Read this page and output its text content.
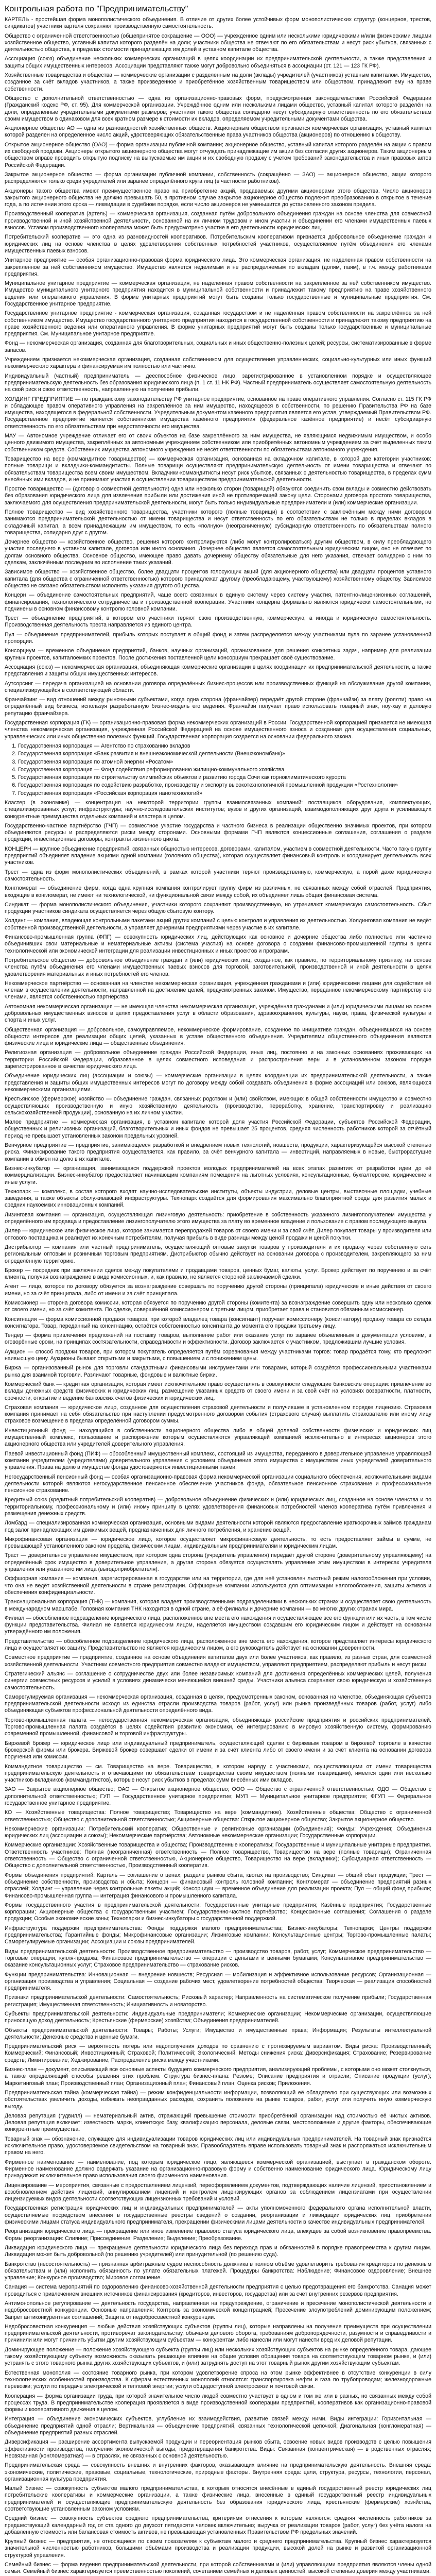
Контрольная работа по "Предпринимательству"

КАРТЕЛЬ - простейшая форма монополистического объединения. В отличие от других более устойчивых форм монополистических структур (концернов, трестов, синдикатов) участники картеля сохраняют производственную самостоятельность.

Общество с ограниченной ответственностью (общепринятое сокращение — ООО) — учрежденное одним или несколькими юридическими и/или физическими лицами хозяйственное общество, уставный капитал которого разделён на доли; участники общества не отвечают по его обязательствам и несут риск убытков, связанных с деятельностью общества, в пределах стоимости принадлежащих им долей в уставном капитале общества.

Ассоциация (союз) объединение нескольких коммерческих организаций в целях координации их предпринимательской деятельности, а также представления и защиты общих имущественных интересов. Ассоциации представляют также могут добровольно объединяться в ассоциации (ст. 121 — 123 ГК РФ).

Хозяйственные товарищества и общества — коммерческие организации с разделенным на доли (вклады) учредителей (участников) уставным капиталом. Имущество, созданное за счёт вкладов участников, а также произведенное и приобретённое хозяйственным товариществом или обществом, принадлежит ему на праве собственности.

Общество с дополнительной ответственностью — одна из организационно-правовых форм, предусмотренная законодательством Российской Федерации (Гражданский кодекс РФ, ст. 95). Для коммерческой организации. Учреждённое одним или несколькими лицами общество, уставный капитал которого разделён на доли, определённые учредительными документами размеров; участники такого общества солидарно несут субсидиарную ответственность по его обязательствам своим имуществом в одинаковом для всех кратном размере к стоимости их вкладов, определяемом учредительными документами общества.

Акционерное общество АО — одна из разновидностей хозяйственных обществ. Акционерным обществом признается коммерческая организация, уставный капитал которой разделен на определенное число акций, удостоверяющих обязательственные права участников общества (акционеров) по отношению к обществу.

Открытое акционерное общество (ОАО) — форма организации публичной компании; акционерное общество, уставный капитал которого разделён на акции с правом их свободной продажи. Акционеры открытого акционерного общества могут отчуждать принадлежащие им акции без согласия других акционеров. Таким акционерным обществом вправе проводить открытую подписку на выпускаемые им акции и их свободную продажу с учетом требований законодательства и иных правовых актов Российской Федерации.

Закрытое акционерное общество — форма организации публичной компании, собственность (сокращённо — ЗАО) — акционерное общество, акции которого распределяются только среди учредителей или заранее определённого круга лиц (в частности работников).

Акционеры такого общества имеют преимущественное право на приобретение акций, продаваемых другими акционерами этого общества. Число акционеров закрытого акционерного общества не должно превышать 50, в противном случае закрытое акционерное общество подлежит преобразованию в открытое в течение года, а по истечении этого срока — ликвидации в судебном порядке, если число акционеров не уменьшится до установленного законом предела.

Производственный кооператив (артель) — коммерческая организация, созданная путём добровольного объединения граждан на основе членства для совместной производственной и иной хозяйственной деятельности, основанной на их личном трудовом и ином участии и объединении его членами имущественных паевых взносов. Уставом производственного кооператива может быть предусмотрено участие в его деятельности юридических лиц.

Потребительский кооператив — это одна из разновидностей кооперативов. Потребительским кооперативом признается добровольное объединение граждан и юридических лиц на основе членства в целях удовлетворения собственных потребностей участников, осуществляемое путём объединения его членами имущественных паевых взносов.

Унитарное предприятие — особая организационно-правовая форма юридического лица. Это коммерческая организация, не наделенная правом собственности на закрепленное за ней собственником имущество. Имущество является неделимым и не распределяемым по вкладам (долям, паям), в т.ч. между работниками предприятия.

Муниципальное унитарное предприятие — коммерческая организация, не наделенная правом собственности на закрепленное за ней собственником имущество. Имущество муниципального унитарного предприятия находится в муниципальной собственности и принадлежит такому предприятию на праве хозяйственного ведения или оперативного управления. В форме унитарных предприятий могут быть созданы только государственные и муниципальные предприятия. См. Государственное унитарное предприятие.

Государственное унитарное предприятие - коммерческая организация, созданная государством и не наделённая правом собственности на закреплённое за ней собственником имущество. Имущество государственного унитарного предприятия находится в государственной собственности и принадлежит такому предприятию на праве хозяйственного ведения или оперативного управления. В форме унитарных предприятий могут быть созданы только государственные и муниципальные предприятия. См. Муниципальное унитарное предприятие.

Фонд — некоммерческая организация, созданная для благотворительных, социальных и иных общественно-полезных целей; ресурсы, систематизированные в форме запасов.

Учреждением признается некоммерческая организация, созданная собственником для осуществления управленческих, социально-культурных или иных функций некоммерческого характера и финансируемая им полностью или частично.

Индивидуальный (частный) предприниматель — дееспособное физическое лицо, зарегистрированное в установленном порядке и осуществляющее предпринимательскую деятельность без образования юридического лица (п. 1 ст. 11 НК РФ). Частный предприниматель осуществляет самостоятельную деятельность на свой риск и свою ответственность, направленную на получение прибыли.

ХОЛДИНГ ПРЕДПРИЯТИЕ — по гражданскому законодательству РФ унитарное предприятие, основанное на праве оперативного управления. Согласно ст. 115 ГК РФ и обладающее правом оперативного управления на закреплённое за ним имущество, находящееся в собственности, по решению Правительства РФ на базе имущества, находящегося в федеральной собственности. Учредительным документом казённого предприятия является его устав, утверждаемый Правительством РФ. Государственное предприятие является собственником имущества казённого предприятия (федеральное казённое предприятие) и несёт субсидиарную ответственность по его обязательствам при недостаточности его имущества.

МАУ — Автономное учреждение отличает его от своих объектов на базе закреплённого за ним имущества, не являющимся недвижимым имуществом, и особо ценного движимого имущества, закреплённых за автономным учреждением собственником или приобретённых автономным учреждением за счёт выделенных таким собственником средств. Собственник имущества автономного учреждения не несёт ответственности по обязательствам автономного учреждения.

Товарищество на вере (коммандитное товарищество) — коммерческая организация, основанная на складочном капитале, в которой две категории участников: полные товарищи и вкладчики-коммандитисты. Полные товарищи осуществляют предпринимательскую деятельность от имени товарищества и отвечают по обязательствам товарищества всем своим имуществом. Вкладчики-коммандитисты несут риск убытков, связанных с деятельностью товарищества, в пределах сумм внесённых ими вкладов, и не принимают участия в осуществлении товариществом предпринимательской деятельности.

Простое товарищество — (договор о совместной деятельности) одна или несколько сторон (товарищей) обязуются соединить свои вклады и совместно действовать без образования юридического лица для извлечения прибыли или достижения иной не противоречащей закону цели. Сторонами договора простого товарищества, заключаемого для осуществления предпринимательской деятельности, могут быть только индивидуальные предприниматели и (или) коммерческие организации.

Полное товарищество — вид хозяйственного товарищества, участники которого (полные товарищи) в соответствии с заключённым между ними договором занимаются предпринимательской деятельностью от имени товарищества и несут ответственность по его обязательствам не только в пределах вкладов в складочный капитал, а всем принадлежащим им имуществом, то есть «полную» (неограниченную) субсидиарную ответственность по обязательствам полного товарищества, солидарно друг с другом.

Дочернее общество — хозяйственное общество, решения которого контролируются (либо могут контролироваться) другим обществом, в силу преобладающего участия последнего в уставном капитале, договора или иного основания. Дочернее общество является самостоятельным юридическим лицом, оно не отвечает по долгам основного общества. Основное общество, имеющее право давать дочернему обществу обязательные для него указания, отвечает солидарно с ним по сделкам, заключённым последним во исполнение таких указаний.

Зависимое общество — хозяйственное общество, более двадцати процентов голосующих акций (для акционерного общества) или двадцати процентов уставного капитала (для общества с ограниченной ответственностью) которого принадлежат другому (преобладающему, участвующему) хозяйственному обществу. Зависимое общество не связано обязательством исполнять указания другого общества.

Концерн — объединение самостоятельных предприятий, чаще всего связанных в единую систему через систему участия, патентно-лицензионных соглашений, финансирования, технологического сотрудничества и производственной кооперации. Участники концерна формально являются юридически самостоятельными, но подчинены в основном финансовому контролю головной компании.

Трест — объединение предприятий, в котором его участники теряют свою производственную, коммерческую, а иногда и юридическую самостоятельность. Производственная деятельность треста направляется из единого центра.

Пул — объединение предпринимателей, прибыль которых поступает в общий фонд и затем распределяется между участниками пула по заранее установленной пропорции.

Консорциум — временное объединение предприятий, банков, научных организаций, организованное для решения конкретных задач, например для реализации крупных проектов, капиталоёмких проектов. После достижения поставленной цели консорциум прекращает своё существование.

Ассоциация (союз) — некоммерческая организация, объединяющая коммерческие организации в целях координации их предпринимательской деятельности, а также представления и защиты общих имущественных интересов.

Аутсорсинг — передача организацией на основании договора определённых бизнес-процессов или производственных функций на обслуживание другой компании, специализирующейся в соответствующей области.

Франчайзинг — вид отношений между рыночными субъектами, когда одна сторона (франчайзер) передаёт другой стороне (франчайзи) за плату (роялти) право на определённый вид бизнеса, используя разработанную бизнес-модель его ведения. Франчайзи получает право использовать товарный знак, ноу-хау и деловую репутацию франчайзера.

Государственная корпорация (ГК) — организационно-правовая форма некоммерческих организаций в России. Государственной корпорацией признается не имеющая членства некоммерческая организация, учрежденная Российской Федерацией на основе имущественного взноса и созданная для осуществления социальных, управленческих или иных общественно полезных функций. Государственная корпорация создается на основании федерального закона.

1. Государственная корпорация — Агентство по страхованию вкладов
2. Государственная корпорация «Банк развития и внешнеэкономической деятельности (Внешэкономбанк)»
3. Государственная корпорация по атомной энергии «Росатом»
4. Государственная корпорация — Фонд содействия реформированию жилищно-коммунального хозяйства
5. Государственная корпорация по строительству олимпийских объектов и развитию города Сочи как горноклиматического курорта
6. Государственная корпорация по содействию разработке, производству и экспорту высокотехнологичной промышленной продукции «Ростехнологии»
7. Государственная корпорация «Российская корпорация нанотехнологий»

Кластер (в экономике) — концентрация на некоторой территории группы взаимосвязанных компаний: поставщиков оборудования, комплектующих, специализированных услуг; инфраструктуры; научно-исследовательских институтов; вузов и других организаций, взаимодополняющих друг друга и усиливающих конкурентные преимущества отдельных компаний и кластера в целом.

Государственно-частное партнёрство (ГЧП) — совместное участие государства и частного бизнеса в реализации общественно значимых проектов, при котором объединяются ресурсы и распределяются риски между сторонами. Основными формами ГЧП являются концессионные соглашения, соглашения о разделе продукции, инвестиционные договоры, контракты жизненного цикла.

КОНЦЕРН — крупное объединение предприятий, связанных общностью интересов, договорами, капиталом, участием в совместной деятельности. Часто такую группу предприятий объединяет владение акциями одной компании (головного общества), которая осуществляет финансовый контроль и координирует деятельность всех участников.

Трест — одна из форм монополистических объединений, в рамках которой участники теряют производственную, коммерческую, а порой даже юридическую самостоятельность.

Конгломерат — объединение фирм, когда одна крупная компания контролирует группу фирм из различных, не связанных между собой отраслей. Предприятия, входящие в конгломерат, не имеют ни технологической, ни функциональной связи между собой, их объединяет лишь общая финансовая система.

Синдикат — форма монополистического объединения, участники которого сохраняют производственную, но утрачивают коммерческую самостоятельность. Сбыт продукции участников синдиката осуществляется через общую сбытовую контору.

Холдинг — компания, владеющая контрольными пакетами акций других компаний с целью контроля и управления их деятельностью. Холдинговая компания не ведёт собственной производственной деятельности, а управляет дочерними предприятиями через участие в их капитале.

Финансово-промышленная группа (ФПГ) — совокупность юридических лиц, действующих как основное и дочерние общества либо полностью или частично объединивших свои материальные и нематериальные активы (система участия) на основе договора о создании финансово-промышленной группы в целях технологической или экономической интеграции для реализации инвестиционных и иных проектов и программ.

Потребительское общество — добровольное объединение граждан и (или) юридических лиц, созданное, как правило, по территориальному признаку, на основе членства путём объединения его членами имущественных паевых взносов для торговой, заготовительной, производственной и иной деятельности в целях удовлетворения материальных и иных потребностей его членов.

Некоммерческое партнёрство — основанная на членстве некоммерческая организация, учреждённая гражданами и (или) юридическими лицами для содействия её членам в осуществлении деятельности, направленной на достижение целей, предусмотренных законом. Имущество, переданное некоммерческому партнёрству его членами, является собственностью партнёрства.

Автономная некоммерческая организация — не имеющая членства некоммерческая организация, учреждённая гражданами и (или) юридическими лицами на основе добровольных имущественных взносов в целях предоставления услуг в области образования, здравоохранения, культуры, науки, права, физической культуры и спорта и иных услуг.

Общественная организация — добровольное, самоуправляемое, некоммерческое формирование, созданное по инициативе граждан, объединившихся на основе общности интересов для реализации общих целей, указанных в уставе общественного объединения. Учредителями общественного объединения являются физические лица и юридические лица — общественные объединения.

Религиозная организация — добровольное объединение граждан Российской Федерации, иных лиц, постоянно и на законных основаниях проживающих на территории Российской Федерации, образованное в целях совместного исповедания и распространения веры и в установленном законом порядке зарегистрированное в качестве юридического лица.

Объединение юридических лиц (ассоциации и союзы) — коммерческие организации в целях координации их предпринимательской деятельности, а также представления и защиты общих имущественных интересов могут по договору между собой создавать объединения в форме ассоциаций или союзов, являющихся некоммерческими организациями.

Крестьянское (фермерское) хозяйство — объединение граждан, связанных родством и (или) свойством, имеющих в общей собственности имущество и совместно осуществляющих производственную и иную хозяйственную деятельность (производство, переработку, хранение, транспортировку и реализацию сельскохозяйственной продукции), основанную на их личном участии.

Малое предприятие — коммерческая организация, в уставном капитале которой доля участия Российской Федерации, субъектов Российской Федерации, общественных и религиозных организаций, благотворительных и иных фондов не превышает 25 процентов, средняя численность работников которой за отчётный период не превышает установленных законом предельных уровней.

Венчурное предприятие — предприятие, занимающееся разработкой и внедрением новых технологий, новшеств, продукции, характеризующейся высокой степенью риска. Финансирование такого предприятия осуществляется, как правило, за счёт венчурного капитала — инвестиций, направляемых в новые, быстрорастущие компании в обмен на долю в их капитале.

Бизнес-инкубатор — организация, занимающаяся поддержкой проектов молодых предпринимателей на всех этапах развития: от разработки идеи до её коммерциализации. Бизнес-инкубатор предоставляет начинающим компаниям помещения на льготных условиях, консультационные, бухгалтерские, юридические и иные услуги.

Технопарк — комплекс, в состав которого входят научно-исследовательские институты, объекты индустрии, деловые центры, выставочные площадки, учебные заведения, а также объекты обслуживающей инфраструктуры. Технопарк создаётся для формирования максимально благоприятной среды для развития малых и средних наукоёмких инновационных компаний.

Лизинговая компания — организация, осуществляющая лизинговую деятельность: приобретение в собственность указанного лизингополучателем имущества у определённого им продавца и предоставление лизингополучателю этого имущества за плату во временное владение и пользование с правом последующего выкупа.

Дилер — юридическое или физическое лицо, которое занимается перепродажей товаров от своего имени и за свой счёт. Дилер покупает товары у производителя или оптового поставщика и реализует их конечным потребителям, получая прибыль в виде разницы между ценой продажи и ценой покупки.

Дистрибьютор — компания или частный предприниматель, осуществляющий оптовые закупки товаров у производителя и их продажу через собственную сеть региональным оптовым и розничным торговым предприятиям. Дистрибьютор обычно действует на основании договора с производителем, закрепляющего за ним определённую территорию.

Брокер — посредник при заключении сделок между покупателями и продавцами товаров, ценных бумаг, валюты, услуг. Брокер действует по поручению и за счёт клиента, получая вознаграждение в виде комиссионных, и, как правило, не является стороной заключаемой сделки.

Агент — лицо, которое по договору обязуется за вознаграждение совершать по поручению другой стороны (принципала) юридические и иные действия от своего имени, но за счёт принципала, либо от имени и за счёт принципала.

Комиссионер — сторона договора комиссии, которая обязуется по поручению другой стороны (комитента) за вознаграждение совершить одну или несколько сделок от своего имени, но за счёт комитента. По сделке, совершённой комиссионером с третьим лицом, приобретает права и становится обязанным комиссионер.

Консигнация — форма комиссионной продажи товаров, при которой владелец товара (консигнант) поручает комиссионеру (консигнатору) продажу товара со склада консигнатора. Товар, переданный на консигнацию, остаётся собственностью консигнанта до момента его продажи третьему лицу.

Тендер — форма привлечения предложений на поставку товаров, выполнение работ или оказание услуг по заранее объявленным в документации условиям, в оговорённые сроки, на принципах состязательности, справедливости и эффективности. Договор заключается с участником, предложившим лучшие условия.

Аукцион — способ продажи товаров, при котором покупатель определяется путём соревнования между участниками торгов: товар продаётся тому, кто предложит наивысшую цену. Аукционы бывают открытыми и закрытыми, с повышением и с понижением цены.

Биржа — организованный рынок для торговли стандартными финансовыми инструментами или товарами, который создаётся профессиональными участниками рынка для взаимной торговли. Различают товарные, фондовые и валютные биржи.

Коммерческий банк — кредитная организация, которая имеет исключительное право осуществлять в совокупности следующие банковские операции: привлечение во вклады денежных средств физических и юридических лиц, размещение указанных средств от своего имени и за свой счёт на условиях возвратности, платности, срочности, открытие и ведение банковских счетов физических и юридических лиц.

Страховая компания — юридическое лицо, созданное для осуществления страховой деятельности и получившее в установленном порядке лицензию. Страховая компания принимает на себя обязательство при наступлении предусмотренного договором события (страхового случая) выплатить страхователю или иному лицу страховое возмещение в пределах определённой договором суммы.

Инвестиционный фонд — находящийся в собственности акционерного общества либо в общей долевой собственности физических и юридических лиц имущественный комплекс, пользование и распоряжение которым осуществляются управляющей компанией исключительно в интересах акционеров этого акционерного общества или учредителей доверительного управления.

Паевой инвестиционный фонд (ПИФ) — обособленный имущественный комплекс, состоящий из имущества, переданного в доверительное управление управляющей компании учредителем (учредителями) доверительного управления с условием объединения этого имущества с имуществом иных учредителей доверительного управления. Права на долю в имуществе фонда удостоверяются инвестиционными паями.

Негосударственный пенсионный фонд — особая организационно-правовая форма некоммерческой организации социального обеспечения, исключительными видами деятельности которой являются негосударственное пенсионное обеспечение участников фонда, обязательное пенсионное страхование и профессиональное пенсионное страхование.

Кредитный союз (кредитный потребительский кооператив) — добровольное объединение физических и (или) юридических лиц, созданное на основе членства и по территориальному, профессиональному и (или) иному принципу в целях удовлетворения финансовых потребностей членов кооператива путём привлечения и размещения денежных средств.

Ломбард — специализированная коммерческая организация, основными видами деятельности которой являются предоставление краткосрочных займов гражданам под залог принадлежащих им движимых вещей, предназначенных для личного потребления, и хранение вещей.

Микрофинансовая организация — юридическое лицо, которое осуществляет микрофинансовую деятельность, то есть предоставляет займы в сумме, не превышающей установленного законом предела, физическим лицам, индивидуальным предпринимателям и юридическим лицам.

Траст — доверительное управление имуществом, при котором одна сторона (учредитель управления) передаёт другой стороне (доверительному управляющему) на определённый срок имущество в доверительное управление, а другая сторона обязуется осуществлять управление этим имуществом в интересах учредителя управления или указанного им лица (выгодоприобретателя).

Оффшорная компания — компания, зарегистрированная в государстве или на территории, где для неё установлен льготный режим налогообложения при условии, что она не ведёт хозяйственной деятельности в стране регистрации. Оффшорные компании используются для оптимизации налогообложения, защиты активов и обеспечения конфиденциальности.

Транснациональная корпорация (ТНК) — компания, которая владеет производственными подразделениями в нескольких странах и осуществляет свою деятельность в международном масштабе. Головная компания ТНК находится в одной стране, а её филиалы и дочерние компании — во многих других странах мира.

Филиал — обособленное подразделение юридического лица, расположенное вне места его нахождения и осуществляющее все его функции или их часть, в том числе функции представительства. Филиал не является юридическим лицом, наделяется имуществом создавшим его юридическим лицом и действует на основании утверждённого им положения.

Представительство — обособленное подразделение юридического лица, расположенное вне места его нахождения, которое представляет интересы юридического лица и осуществляет их защиту. Представительство не является юридическим лицом, а его руководитель действует на основании доверенности.

Совместное предприятие — предприятие, созданное на основе объединения капиталов двух или более участников, как правило, из разных стран, для совместной хозяйственной деятельности. Участники совместного предприятия совместно владеют имуществом, управляют предприятием, распределяют прибыль и несут риски.

Стратегический альянс — соглашение о сотрудничестве двух или более независимых компаний для достижения определённых коммерческих целей, получения синергии совместных ресурсов и усилий в условиях динамически меняющейся внешней среды. Участники альянса сохраняют свою юридическую и хозяйственную самостоятельность.

Саморегулируемая организация — некоммерческая организация, созданная в целях, предусмотренных законом, основанная на членстве, объединяющая субъектов предпринимательской деятельности исходя из единства отрасли производства товаров (работ, услуг) или рынка произведённых товаров (работ, услуг) либо объединяющая субъектов профессиональной деятельности определённого вида.

Торгово-промышленная палата — негосударственная некоммерческая организация, объединяющая российские предприятия и российских предпринимателей. Торгово-промышленная палата создаётся в целях содействия развитию экономики, её интегрированию в мировую хозяйственную систему, формированию современной промышленной, финансовой и торговой инфраструктуры.

Биржевой брокер — юридическое лицо или индивидуальный предприниматель, осуществляющий сделки с биржевым товаром в биржевой торговле в качестве брокерской фирмы или брокера. Биржевой брокер совершает сделки от имени и за счёт клиента либо от своего имени и за счёт клиента на основании договора поручения или комиссии.

Коммандитное товарищество — см. Товарищество на вере. Товарищество, в котором наряду с участниками, осуществляющими от имени товарищества предпринимательскую деятельность и отвечающими по обязательствам товарищества своим имуществом (полными товарищами), имеется один или несколько участников-вкладчиков (коммандитистов), которые несут риск убытков в пределах сумм внесённых ими вкладов.

ЗАО — Закрытое акционерное общество; ОАО — Открытое акционерное общество; ООО — Общество с ограниченной ответственностью; ОДО — Общество с дополнительной ответственностью; ГУП — Государственное унитарное предприятие; МУП — Муниципальное унитарное предприятие; ФГУП — Федеральное государственное унитарное предприятие.

КО — Хозяйственные товарищества: Полное товарищество; Товарищество на вере (коммандитное). Хозяйственные общества: Общество с ограниченной ответственностью; Общество с дополнительной ответственностью; Акционерные общества: Открытое акционерное общество; Закрытое акционерное общество.

Некоммерческие организации: Потребительский кооператив; Общественные и религиозные организации (объединения); Фонды; Учреждения; Объединения юридических лиц (ассоциации и союзы); Некоммерческие партнёрства; Автономные некоммерческие организации; Государственные корпорации.

Коммерческие организации: Хозяйственные товарищества и общества; Производственные кооперативы; Государственные и муниципальные унитарные предприятия. Ответственность участников: Полная (неограниченная) ответственность — Полное товарищество, Товарищество на вере (полные товарищи); Ограниченная ответственность — Общество с ограниченной ответственностью, Акционерное общество, Товарищество на вере (вкладчики); Субсидиарная ответственность — Общество с дополнительной ответственностью, Производственный кооператив.

Формы объединения предприятий: Картель — соглашение о ценах, разделе рынков сбыта, квотах на производство; Синдикат — общий сбыт продукции; Трест — объединение собственности, производства и сбыта; Концерн — финансовый контроль головной компании; Конгломерат — объединение предприятий разных отраслей; Холдинг — управление через контрольные пакеты акций; Консорциум — временное объединение для реализации проекта; Пул — общий фонд прибыли; Финансово-промышленная группа — интеграция финансового и промышленного капитала.

Формы государственного участия в предпринимательской деятельности: Государственные унитарные предприятия; Казённые предприятия; Государственные корпорации; Акционерные общества с государственным участием; Государственно-частное партнёрство; Концессионные соглашения; Соглашения о разделе продукции; Особые экономические зоны; Технопарки и бизнес-инкубаторы с государственной поддержкой.

Инфраструктура поддержки предпринимательства: Фонды поддержки малого предпринимательства; Бизнес-инкубаторы; Технопарки; Центры поддержки предпринимательства; Гарантийные фонды; Микрофинансовые организации; Лизинговые компании; Консультационные центры; Торгово-промышленные палаты; Саморегулируемые организации; Ассоциации и союзы предпринимателей.

Виды предпринимательской деятельности: Производственное предпринимательство — производство товаров, работ, услуг; Коммерческое предпринимательство — торговые операции, купля-продажа; Финансовое предпринимательство — операции с деньгами и ценными бумагами; Консультативное предпринимательство — оказание консультационных услуг; Страховое предпринимательство — страхование рисков.

Функции предпринимательства: Инновационная — внедрение новшеств; Ресурсная — мобилизация и эффективное использование ресурсов; Организационная — организация производства и управления; Социальная — создание рабочих мест, удовлетворение потребностей общества; Творческая — реализация способностей предпринимателя.

Признаки предпринимательской деятельности: Самостоятельность; Рисковый характер; Направленность на систематическое получение прибыли; Государственная регистрация; Имущественная ответственность; Инициативность и новаторство.

Субъекты предпринимательской деятельности: Индивидуальные предприниматели; Коммерческие организации; Некоммерческие организации, осуществляющие приносящую доход деятельность; Крестьянские (фермерские) хозяйства; Объединения предпринимателей.

Объекты предпринимательской деятельности: Товары; Работы; Услуги; Имущество и имущественные права; Информация; Результаты интеллектуальной деятельности; Денежные средства и ценные бумаги.

Предпринимательский риск — вероятность потерь или недополучения доходов по сравнению с прогнозируемым вариантом. Виды риска: Производственный; Коммерческий; Финансовый; Инвестиционный; Страховой; Политический; Экологический. Методы снижения риска: Диверсификация; Страхование; Резервирование средств; Лимитирование; Хеджирование; Распределение риска между участниками.

Бизнес-план — документ, описывающий все основные аспекты будущего коммерческого предприятия, анализирующий проблемы, с которыми оно может столкнуться, а также определяющий способы решения этих проблем. Структура бизнес-плана: Резюме; Описание предприятия и отрасли; Описание продукции (услуг); Маркетинговый план; Производственный план; Организационный план; Финансовый план; Оценка рисков; Приложения.

Предпринимательская тайна (коммерческая тайна) — режим конфиденциальности информации, позволяющий её обладателю при существующих или возможных обстоятельствах увеличить доходы, избежать неоправданных расходов, сохранить положение на рынке товаров, работ, услуг или получить иную коммерческую выгоду.

Деловая репутация (гудвилл) — нематериальный актив, отражающий превышение стоимости приобретённой организации над стоимостью её чистых активов. Деловая репутация включает: известность марки, клиентскую базу, квалификацию персонала, деловые связи, местоположение и другие факторы, обеспечивающие конкурентные преимущества.

Товарный знак — обозначение, служащее для индивидуализации товаров юридических лиц или индивидуальных предпринимателей. На товарный знак признаётся исключительное право, удостоверяемое свидетельством на товарный знак. Правообладатель вправе использовать товарный знак и распоряжаться исключительным правом на него.

Фирменное наименование — наименование, под которым юридическое лицо, являющееся коммерческой организацией, выступает в гражданском обороте. Фирменное наименование должно содержать указание на организационно-правовую форму и собственно наименование юридического лица. Юридическому лицу принадлежит исключительное право использования своего фирменного наименования.

Лицензирование — мероприятия, связанные с предоставлением лицензий, переоформлением документов, подтверждающих наличие лицензий, приостановлением и возобновлением действия лицензий, аннулированием лицензий и контролем лицензирующих органов за соблюдением лицензиатами при осуществлении лицензируемых видов деятельности соответствующих лицензионных требований и условий.

Государственная регистрация юридических лиц и индивидуальных предпринимателей — акты уполномоченного федерального органа исполнительной власти, осуществляемые посредством внесения в государственные реестры сведений о создании, реорганизации и ликвидации юридических лиц, приобретении физическими лицами статуса индивидуального предпринимателя, прекращении физическими лицами деятельности в качестве индивидуальных предпринимателей.

Реорганизация юридического лица — прекращение или иное изменение правового статуса юридического лица, влекущее за собой возникновение правопреемства. Формы реорганизации: Слияние; Присоединение; Разделение; Выделение; Преобразование.

Ликвидация юридического лица — прекращение деятельности юридического лица без перехода прав и обязанностей в порядке правопреемства к другим лицам. Ликвидация может быть добровольной (по решению учредителей) или принудительной (по решению суда).

Банкротство (несостоятельность) — признанная арбитражным судом неспособность должника в полном объёме удовлетворить требования кредиторов по денежным обязательствам и (или) исполнить обязанность по уплате обязательных платежей. Процедуры банкротства: Наблюдение; Финансовое оздоровление; Внешнее управление; Конкурсное производство; Мировое соглашение.

Санация — система мероприятий по оздоровлению финансово-хозяйственной деятельности предприятия с целью предотвращения его банкротства. Санация может проводиться с привлечением внешних источников финансирования (кредиторов, инвесторов, государства) или за счёт внутренних резервов предприятия.

Антимонопольное регулирование — деятельность государства, направленная на предупреждение, ограничение и пресечение монополистической деятельности и недобросовестной конкуренции. Основные направления: Контроль за экономической концентрацией; Пресечение злоупотреблений доминирующим положением; Запрет антиконкурентных соглашений; Защита от недобросовестной конкуренции.

Недобросовестная конкуренция — любые действия хозяйствующих субъектов (группы лиц), которые направлены на получение преимуществ при осуществлении предпринимательской деятельности, противоречат законодательству, обычаям делового оборота, требованиям добропорядочности, разумности и справедливости и причинили или могут причинить убытки другим хозяйствующим субъектам — конкурентам либо нанесли или могут нанести вред их деловой репутации.

Доминирующее положение — положение хозяйствующего субъекта (группы лиц) или нескольких хозяйствующих субъектов на рынке определённого товара, дающее такому хозяйствующему субъекту возможность оказывать решающее влияние на общие условия обращения товара на соответствующем товарном рынке, и (или) устранять с этого товарного рынка других хозяйствующих субъектов, и (или) затруднять доступ на этот товарный рынок другим хозяйствующим субъектам.

Естественная монополия — состояние товарного рынка, при котором удовлетворение спроса на этом рынке эффективнее в отсутствие конкуренции в силу технологических особенностей производства. К сферам естественных монополий относятся: транспортировка нефти и газа по трубопроводам; железнодорожные перевозки; услуги по передаче электрической и тепловой энергии; услуги общедоступной электросвязи и почтовой связи.

Кооперация — форма организации труда, при которой значительное число людей совместно участвует в одном и том же или в разных, но связанных между собой процессах труда. В предпринимательстве кооперация проявляется в виде производственной кооперации предприятий, кооперативов как организационно-правовой формы и кооперативного движения в целом.

Интеграция — объединение экономических субъектов, углубление их взаимодействия, развитие связей между ними. Виды интеграции: Горизонтальная — объединение предприятий одной отрасли; Вертикальная — объединение предприятий, связанных технологической цепочкой; Диагональная (конгломератная) — объединение предприятий разных отраслей.

Диверсификация — расширение ассортимента выпускаемой продукции и переориентация рынков сбыта, освоение новых видов производств с целью повышения эффективности производства, получения экономической выгоды, предотвращения банкротства. Виды: Связанная (концентрическая) — в родственных отраслях; Несвязанная (конгломератная) — в отраслях, не связанных с основной деятельностью.

Предпринимательская среда — совокупность внешних и внутренних факторов, оказывающих влияние на предпринимательскую деятельность. Внешняя среда: экономические, политические, правовые, социальные, технологические, природные факторы. Внутренняя среда: цели, структура, ресурсы, технологии, персонал, организационная культура предприятия.

Малый бизнес — совокупность субъектов малого предпринимательства, к которым относятся внесённые в единый государственный реестр юридических лиц потребительские кооперативы и коммерческие организации, а также физические лица, внесённые в единый государственный реестр индивидуальных предпринимателей и осуществляющие предпринимательскую деятельность без образования юридического лица, крестьянские (фермерские) хозяйства, соответствующие установленным законом условиям.

Средний бизнес — совокупность субъектов среднего предпринимательства, критериями отнесения к которым являются: средняя численность работников за предшествующий календарный год от ста одного до двухсот пятидесяти человек включительно; выручка от реализации товаров (работ, услуг) без учёта налога на добавленную стоимость или балансовая стоимость активов, не превышающая установленных Правительством РФ предельных значений.

Крупный бизнес — предприятия, не относящиеся по своим показателям к субъектам малого и среднего предпринимательства. Крупный бизнес характеризуется значительной численностью работников, большими объёмами производства и реализации продукции, высокой долей на рынке и развитой организационной структурой управления.

Семейный бизнес — форма ведения предпринимательской деятельности, при которой собственниками и (или) управляющими предприятия являются члены одной семьи. Семейный бизнес характеризуется преемственностью поколений, сочетанием семейных и деловых ценностей, высокой степенью доверия между участниками.
